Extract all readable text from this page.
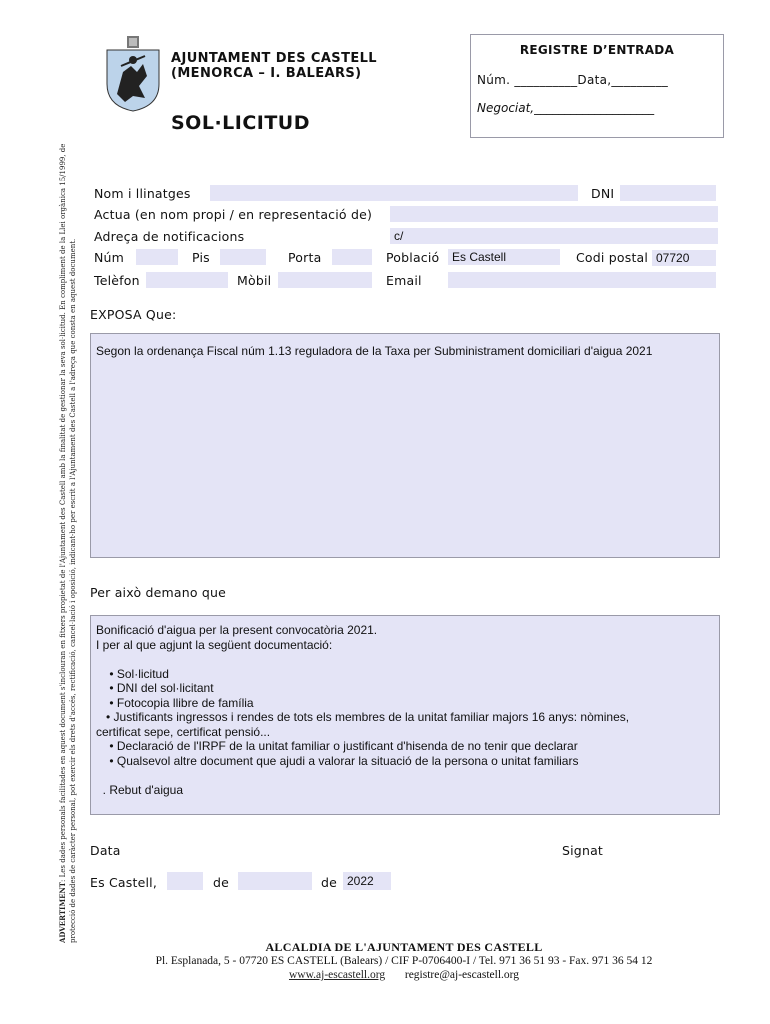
AJUNTAMENT DES CASTELL
(MENORCA – I. BALEARS)
SOL·LICITUD
REGISTRE D’ENTRADA
Núm. __________Data,_________
Negociat,____________________
Nom i llinatges	DNI
Actua (en nom propi / en representació de)
Adreça de notificacions	c/
Núm	Pis	Porta	Població	Es Castell	Codi postal 07720
Telèfon	Mòbil	Email
EXPOSA Que:
Segon la ordenança Fiscal núm 1.13 reguladora de la Taxa per Subministrament domiciliari d'aigua 2021
Per això demano que
Bonificació d'aigua per la present convocatòria 2021.
I per al que agjunt la següent documentació:
• Sol·licitud
• DNI del sol·licitant
• Fotocopia llibre de família
• Justificants ingressos i rendes de tots els membres de la unitat familiar majors 16 anys: nòmines,
certificat sepe, certificat pensió...
• Declaració de l'IRPF de la unitat familiar o justificant d'hisenda de no tenir que declarar
• Qualsevol altre document que ajudi a valorar la situació de la persona o unitat familiars
. Rebut d'aigua
Data	Signat
Es Castell,	de	de 2022
ALCALDIA DE L'AJUNTAMENT DES CASTELL
Pl. Esplanada, 5 - 07720 ES CASTELL (Balears) / CIF P-0706400-I / Tel. 971 36 51 93 - Fax. 971 36 54 12
www.aj-escastell.org registre@aj-escastell.org
ADVERTIMENT: Les dades personals facilitades en aquest document s'inclouran en fitxers propietat de l'Ajuntament des Castell amb la finalitat de gestionar la seva sol·licitud. En compliment de la Llei orgànica 15/1999, de protecció de dades de caràcter personal, pot exercir els drets d'accés, rectificació, cancel·lació i oposició, indicant-ho per escrit a l'Ajuntament des Castell a l'adreça que consta en aquest document.
